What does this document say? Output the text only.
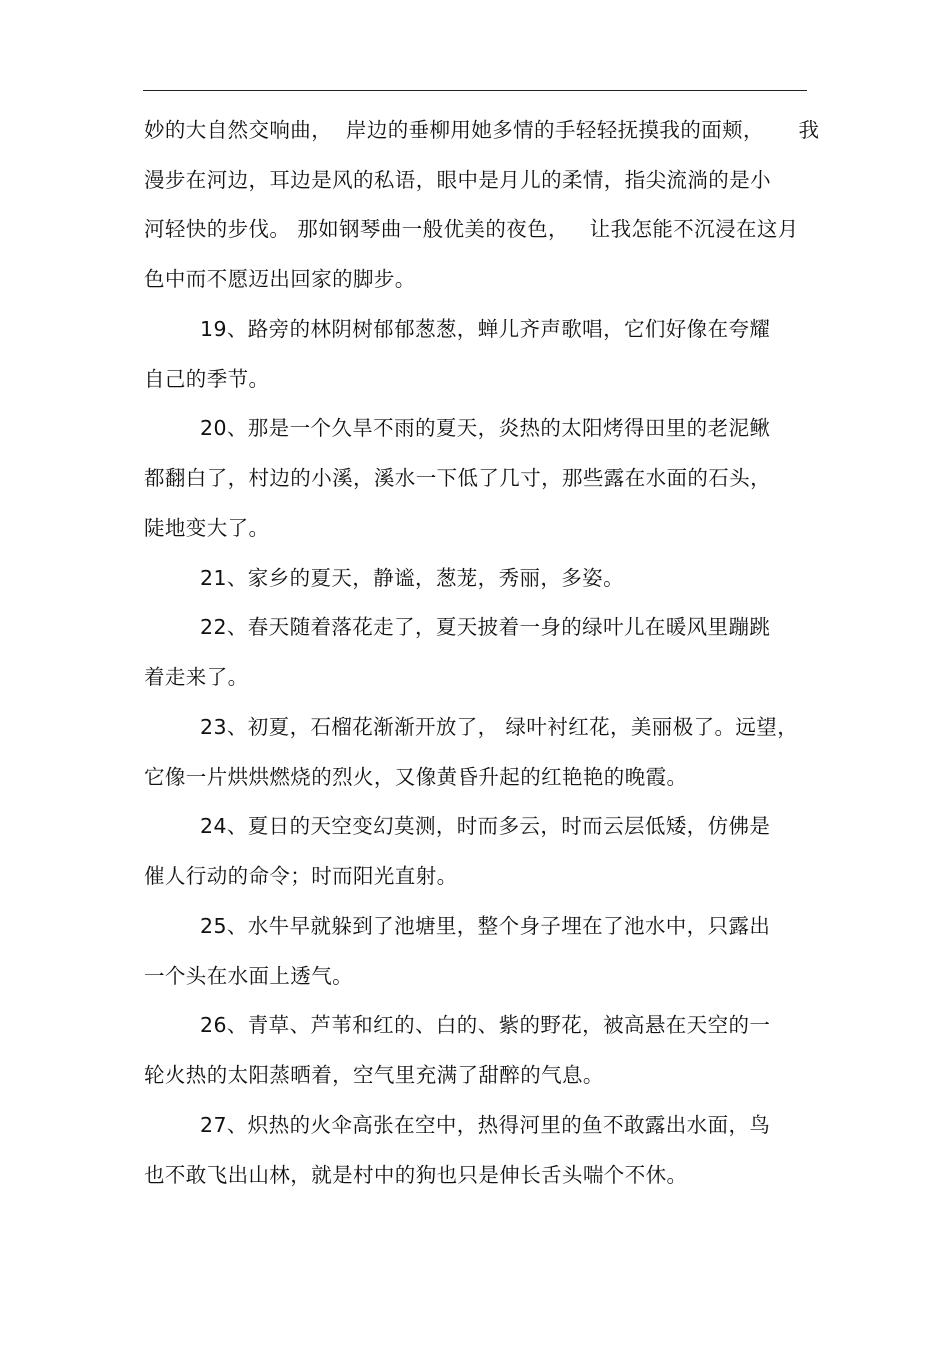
妙的大自然交响曲，  岸边的垂柳用她多情的手轻轻抚摸我的面颊，     我
漫步在河边，耳边是风的私语，眼中是月儿的柔情，指尖流淌的是小
河轻快的步伐。 那如钢琴曲一般优美的夜色，   让我怎能不沉浸在这月
色中而不愿迈出回家的脚步。
19、路旁的林阴树郁郁葱葱，蝉儿齐声歌唱，它们好像在夸耀
自己的季节。
20、那是一个久旱不雨的夏天，炎热的太阳烤得田里的老泥鳅
都翻白了，村边的小溪，溪水一下低了几寸，那些露在水面的石头，
陡地变大了。
21、家乡的夏天，静谧，葱茏，秀丽，多姿。
22、春天随着落花走了，夏天披着一身的绿叶儿在暖风里蹦跳
着走来了。
23、初夏，石榴花渐渐开放了， 绿叶衬红花，美丽极了。远望，
它像一片烘烘燃烧的烈火，又像黄昏升起的红艳艳的晚霞。
24、夏日的天空变幻莫测，时而多云，时而云层低矮，仿佛是
催人行动的命令；时而阳光直射。
25、水牛早就躲到了池塘里，整个身子埋在了池水中，只露出
一个头在水面上透气。
26、青草、芦苇和红的、白的、紫的野花，被高悬在天空的一
轮火热的太阳蒸晒着，空气里充满了甜醉的气息。
27、炽热的火伞高张在空中，热得河里的鱼不敢露出水面，鸟
也不敢飞出山林，就是村中的狗也只是伸长舌头喘个不休。
